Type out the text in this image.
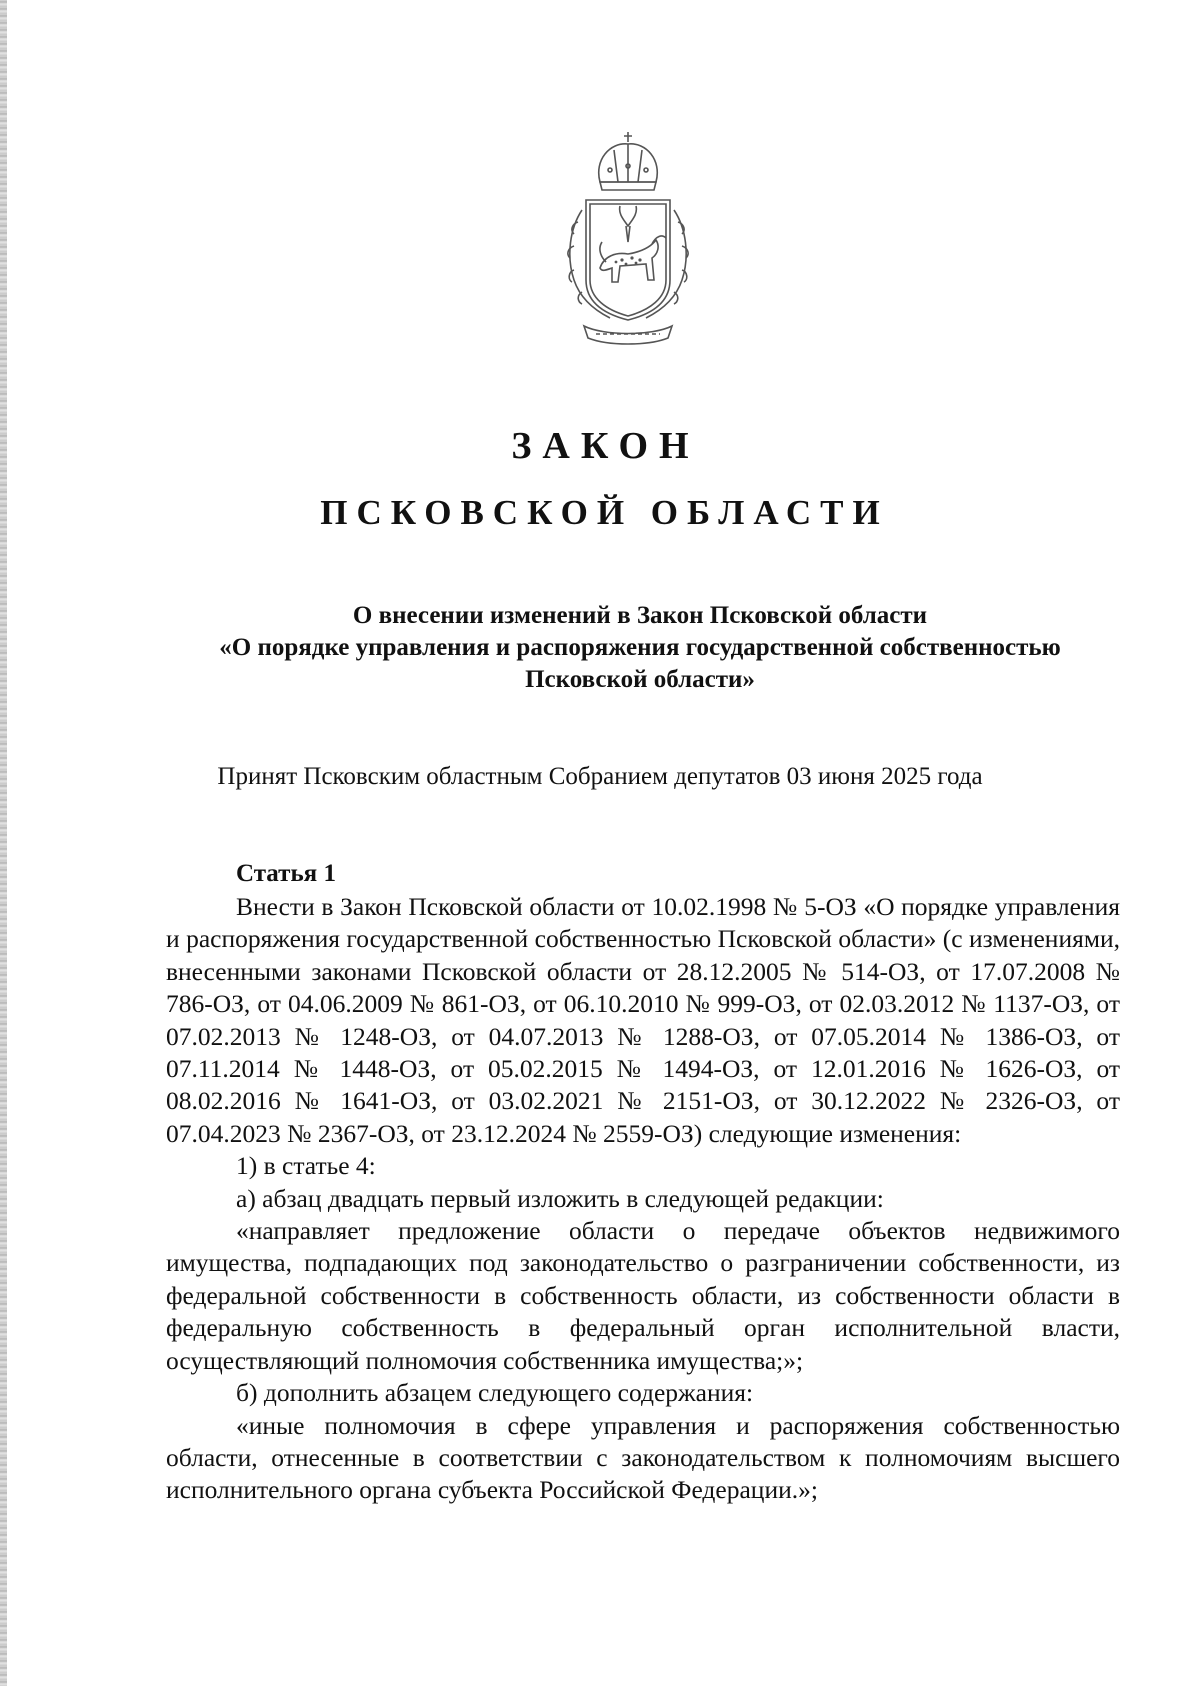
ЗАКОН
ПСКОВСКОЙ ОБЛАСТИ
О внесении изменений в Закон Псковской области
«О порядке управления и распоряжения государственной собственностью
Псковской области»

Принят Псковским областным Собранием депутатов 03 июня 2025 года

Статья 1

Внести в Закон Псковской области от 10.02.1998 № 5-ОЗ «О порядке управления и распоряжения государственной собственностью Псковской области» (с изменениями, внесенными законами Псковской области от 28.12.2005 № 514-ОЗ, от 17.07.2008 № 786-ОЗ, от 04.06.2009 № 861-ОЗ, от 06.10.2010 № 999-ОЗ, от 02.03.2012 № 1137-ОЗ, от 07.02.2013 № 1248-ОЗ, от 04.07.2013 № 1288-ОЗ, от 07.05.2014 № 1386-ОЗ, от 07.11.2014 № 1448-ОЗ, от 05.02.2015 № 1494-ОЗ, от 12.01.2016 № 1626-ОЗ, от 08.02.2016 № 1641-ОЗ, от 03.02.2021 № 2151-ОЗ, от 30.12.2022 № 2326-ОЗ, от 07.04.2023 № 2367-ОЗ, от 23.12.2024 № 2559-ОЗ) следующие изменения:

1) в статье 4:

а) абзац двадцать первый изложить в следующей редакции:

«направляет предложение области о передаче объектов недвижимого имущества, подпадающих под законодательство о разграничении собственности, из федеральной собственности в собственность области, из собственности области в федеральную собственность в федеральный орган исполнительной власти, осуществляющий полномочия собственника имущества;»;

б) дополнить абзацем следующего содержания:

«иные полномочия в сфере управления и распоряжения собственностью области, отнесенные в соответствии с законодательством к полномочиям высшего исполнительного органа субъекта Российской Федерации.»;
